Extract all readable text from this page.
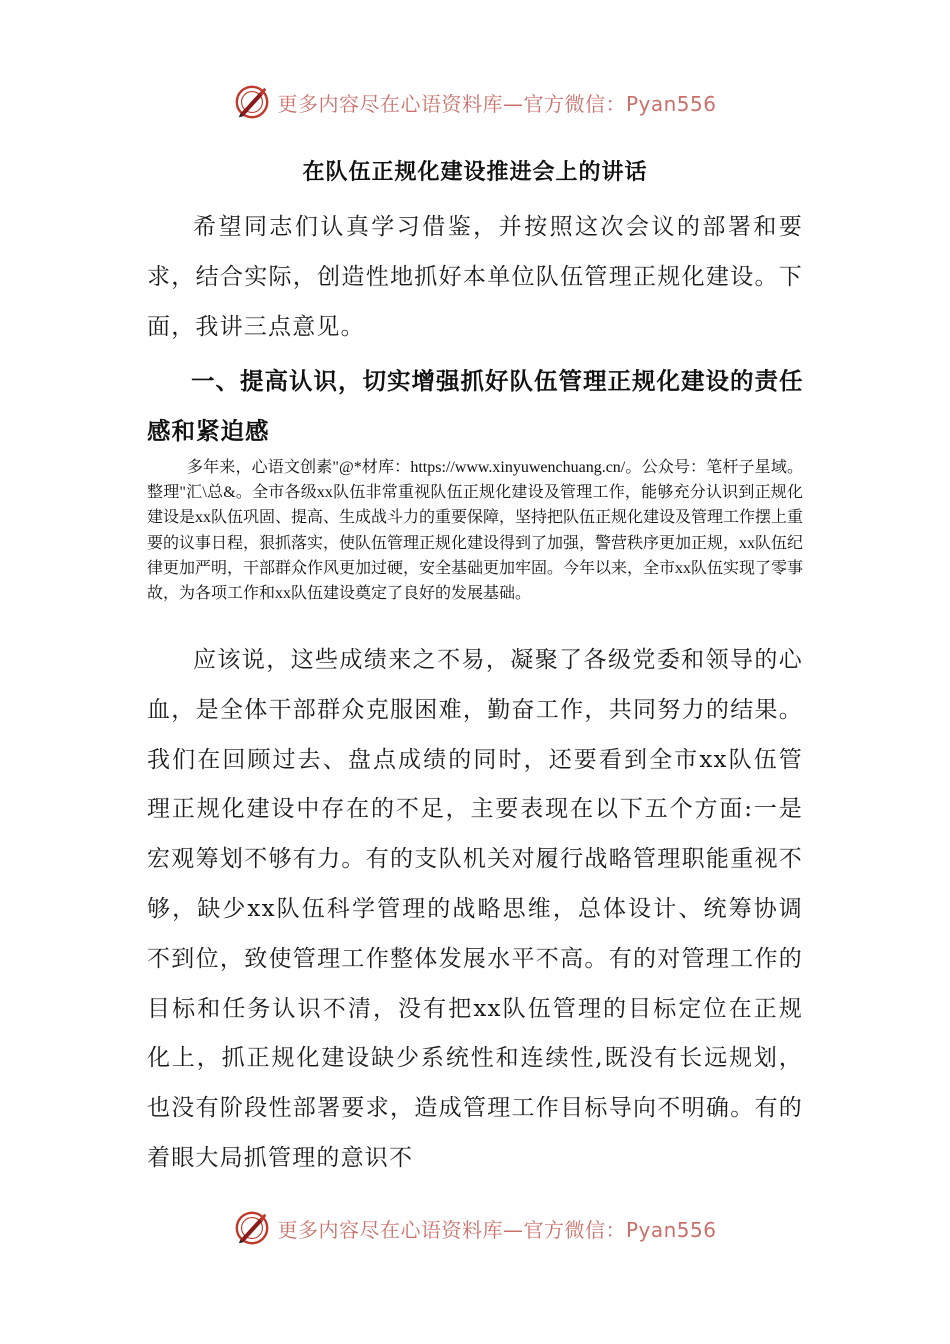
更多内容尽在心语资料库—官方微信：Pyan556
在队伍正规化建设推进会上的讲话

希望同志们认真学习借鉴，并按照这次会议的部署和要求，结合实际，创造性地抓好本单位队伍管理正规化建设。下面，我讲三点意见。

一、提高认识，切实增强抓好队伍管理正规化建设的责任感和紧迫感

多年来，心语文创素"@*材库：https://www.xinyuwenchuang.cn/。公众号：笔杆子星域。整理"汇\总&。全市各级xx队伍非常重视队伍正规化建设及管理工作，能够充分认识到正规化建设是xx队伍巩固、提高、生成战斗力的重要保障，坚持把队伍正规化建设及管理工作摆上重要的议事日程，狠抓落实，使队伍管理正规化建设得到了加强，警营秩序更加正规，xx队伍纪律更加严明，干部群众作风更加过硬，安全基础更加牢固。今年以来，全市xx队伍实现了零事故，为各项工作和xx队伍建设奠定了良好的发展基础。

应该说，这些成绩来之不易，凝聚了各级党委和领导的心血，是全体干部群众克服困难，勤奋工作，共同努力的结果。我们在回顾过去、盘点成绩的同时，还要看到全市xx队伍管理正规化建设中存在的不足，主要表现在以下五个方面:一是宏观筹划不够有力。有的支队机关对履行战略管理职能重视不够，缺少xx队伍科学管理的战略思维，总体设计、统筹协调不到位，致使管理工作整体发展水平不高。有的对管理工作的目标和任务认识不清，没有把xx队伍管理的目标定位在正规化上，抓正规化建设缺少系统性和连续性,既没有长远规划，也没有阶段性部署要求，造成管理工作目标导向不明确。有的着眼大局抓管理的意识不

更多内容尽在心语资料库—官方微信：Pyan556
